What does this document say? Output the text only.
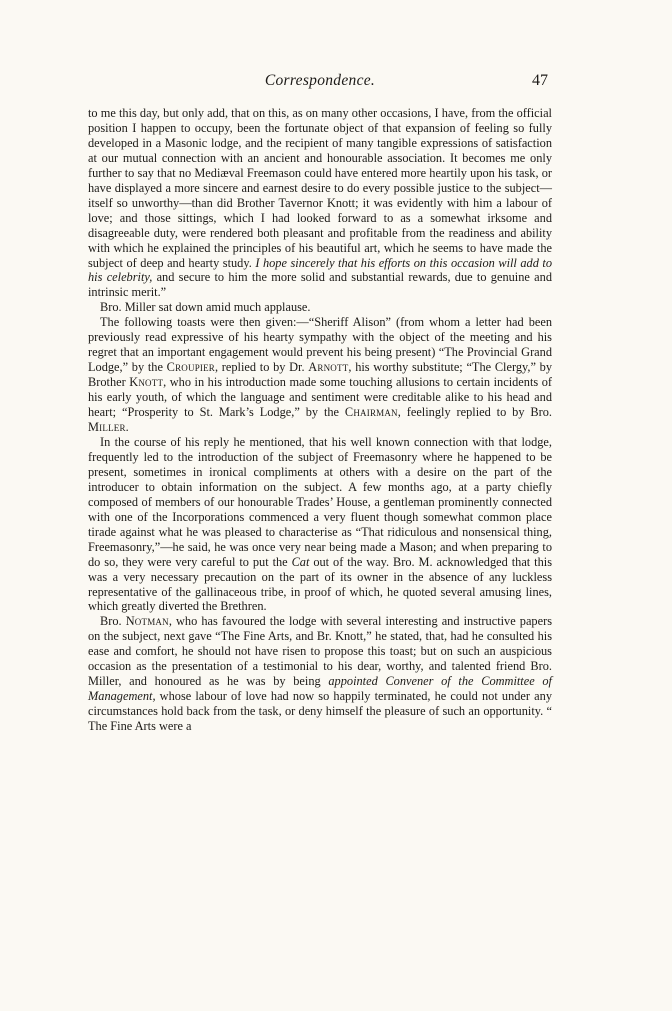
Correspondence.	47

to me this day, but only add, that on this, as on many other occasions, I have, from the official position I happen to occupy, been the fortunate object of that expansion of feeling so fully developed in a Masonic lodge, and the recipient of many tangible expressions of satisfaction at our mutual connection with an ancient and honourable association. It becomes me only further to say that no Mediæval Freemason could have entered more heartily upon his task, or have displayed a more sincere and earnest desire to do every possible justice to the subject—itself so unworthy—than did Brother Tavernor Knott; it was evidently with him a labour of love; and those sittings, which I had looked forward to as a somewhat irksome and disagreeable duty, were rendered both pleasant and profitable from the readiness and ability with which he explained the principles of his beautiful art, which he seems to have made the subject of deep and hearty study. I hope sincerely that his efforts on this occasion will add to his celebrity, and secure to him the more solid and substantial rewards, due to genuine and intrinsic merit.”

Bro. Miller sat down amid much applause.

The following toasts were then given:—“Sheriff Alison” (from whom a letter had been previously read expressive of his hearty sympathy with the object of the meeting and his regret that an important engagement would prevent his being present) “The Provincial Grand Lodge,” by the Croupier, replied to by Dr. Arnott, his worthy substitute; “The Clergy,” by Brother Knott, who in his introduction made some touching allusions to certain incidents of his early youth, of which the language and sentiment were creditable alike to his head and heart; “Prosperity to St. Mark’s Lodge,” by the Chairman, feelingly replied to by Bro. Miller.

In the course of his reply he mentioned, that his well known connection with that lodge, frequently led to the introduction of the subject of Freemasonry where he happened to be present, sometimes in ironical compliments at others with a desire on the part of the introducer to obtain information on the subject. A few months ago, at a party chiefly composed of members of our honourable Trades’ House, a gentleman prominently connected with one of the Incorporations commenced a very fluent though somewhat common place tirade against what he was pleased to characterise as “That ridiculous and nonsensical thing, Freemasonry,”—he said, he was once very near being made a Mason; and when preparing to do so, they were very careful to put the Cat out of the way. Bro. M. acknowledged that this was a very necessary precaution on the part of its owner in the absence of any luckless representative of the gallinaceous tribe, in proof of which, he quoted several amusing lines, which greatly diverted the Brethren.

Bro. Notman, who has favoured the lodge with several interesting and instructive papers on the subject, next gave “The Fine Arts, and Br. Knott,” he stated, that, had he consulted his ease and comfort, he should not have risen to propose this toast; but on such an auspicious occasion as the presentation of a testimonial to his dear, worthy, and talented friend Bro. Miller, and honoured as he was by being appointed Convener of the Committee of Management, whose labour of love had now so happily terminated, he could not under any circumstances hold back from the task, or deny himself the pleasure of such an opportunity. “ The Fine Arts were a
